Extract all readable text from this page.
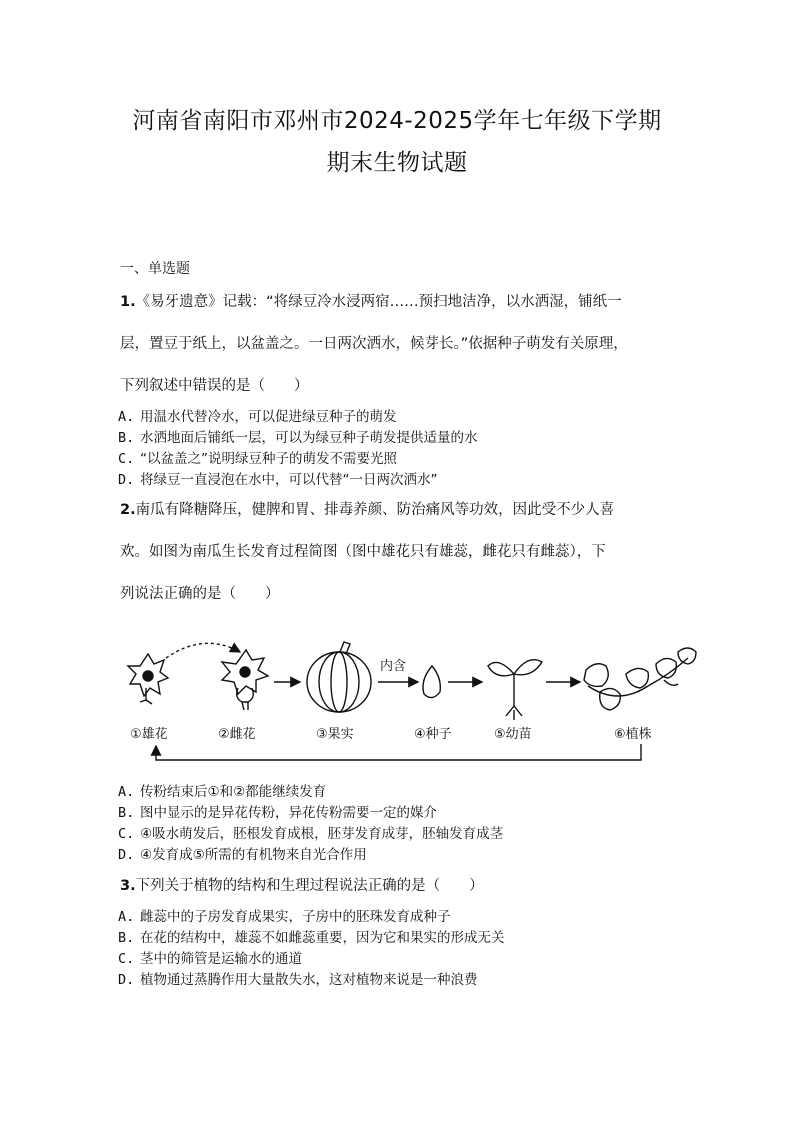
河南省南阳市邓州市2024-2025学年七年级下学期
期末生物试题
一、单选题
1.《易牙遗意》记载：“将绿豆冷水浸两宿……预扫地洁净，以水洒湿，铺纸一
层，置豆于纸上，以盆盖之。一日两次洒水，候芽长。”依据种子萌发有关原理，
下列叙述中错误的是（　　）
A. 用温水代替冷水，可以促进绿豆种子的萌发
B. 水洒地面后铺纸一层，可以为绿豆种子萌发提供适量的水
C. “以盆盖之”说明绿豆种子的萌发不需要光照
D. 将绿豆一直浸泡在水中，可以代替“一日两次洒水”
2.南瓜有降糖降压，健脾和胃、排毒养颜、防治痛风等功效，因此受不少人喜
欢。如图为南瓜生长发育过程简图（图中雄花只有雄蕊，雌花只有雌蕊），下
列说法正确的是（　　）
内含
①雄花	②雌花	③果实	④种子	⑤幼苗	⑥植株
A. 传粉结束后①和②都能继续发育
B. 图中显示的是异花传粉，异花传粉需要一定的媒介
C. ④吸水萌发后，胚根发育成根，胚芽发育成芽，胚轴发育成茎
D. ④发育成⑤所需的有机物来自光合作用
3.下列关于植物的结构和生理过程说法正确的是（　　）
A. 雌蕊中的子房发育成果实，子房中的胚珠发育成种子
B. 在花的结构中，雄蕊不如雌蕊重要，因为它和果实的形成无关
C. 茎中的筛管是运输水的通道
D. 植物通过蒸腾作用大量散失水，这对植物来说是一种浪费
